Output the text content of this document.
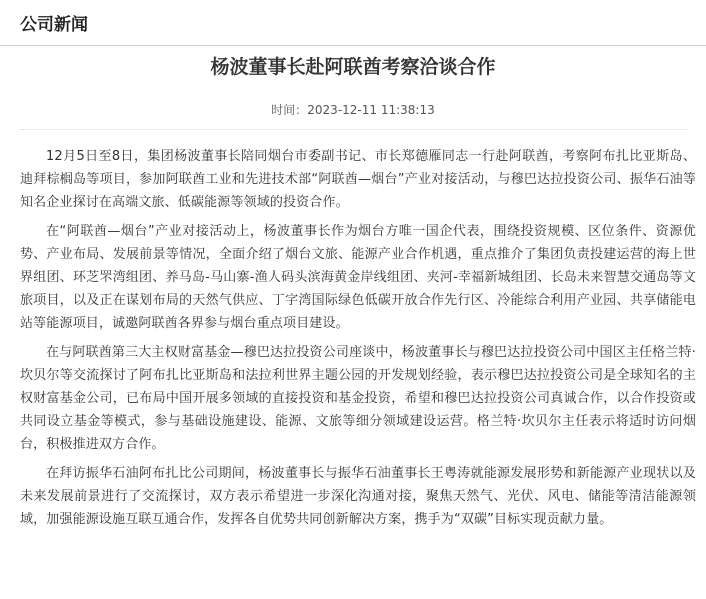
公司新闻
杨波董事长赴阿联酋考察洽谈合作
时间：2023-12-11 11:38:13

12月5日至8日，集团杨波董事长陪同烟台市委副书记、市长郑德雁同志一行赴阿联酋，考察阿布扎比亚斯岛、迪拜棕榈岛等项目，参加阿联酋工业和先进技术部“阿联酋—烟台”产业对接活动，与穆巴达拉投资公司、振华石油等知名企业探讨在高端文旅、低碳能源等领域的投资合作。

在“阿联酋—烟台”产业对接活动上，杨波董事长作为烟台方唯一国企代表，围绕投资规模、区位条件、资源优势、产业布局、发展前景等情况，全面介绍了烟台文旅、能源产业合作机遇，重点推介了集团负责投建运营的海上世界组团、环芝罘湾组团、养马岛-马山寨-渔人码头滨海黄金岸线组团、夹河-幸福新城组团、长岛未来智慧交通岛等文旅项目，以及正在谋划布局的天然气供应、丁字湾国际绿色低碳开放合作先行区、冷能综合利用产业园、共享储能电站等能源项目，诚邀阿联酋各界参与烟台重点项目建设。

在与阿联酋第三大主权财富基金—穆巴达拉投资公司座谈中，杨波董事长与穆巴达拉投资公司中国区主任格兰特·坎贝尔等交流探讨了阿布扎比亚斯岛和法拉利世界主题公园的开发规划经验，表示穆巴达拉投资公司是全球知名的主权财富基金公司，已布局中国开展多领域的直接投资和基金投资，希望和穆巴达拉投资公司真诚合作，以合作投资或共同设立基金等模式，参与基础设施建设、能源、文旅等细分领域建设运营。格兰特·坎贝尔主任表示将适时访问烟台，积极推进双方合作。

在拜访振华石油阿布扎比公司期间，杨波董事长与振华石油董事长王粤涛就能源发展形势和新能源产业现状以及未来发展前景进行了交流探讨，双方表示希望进一步深化沟通对接，聚焦天然气、光伏、风电、储能等清洁能源领域，加强能源设施互联互通合作，发挥各自优势共同创新解决方案，携手为“双碳”目标实现贡献力量。
